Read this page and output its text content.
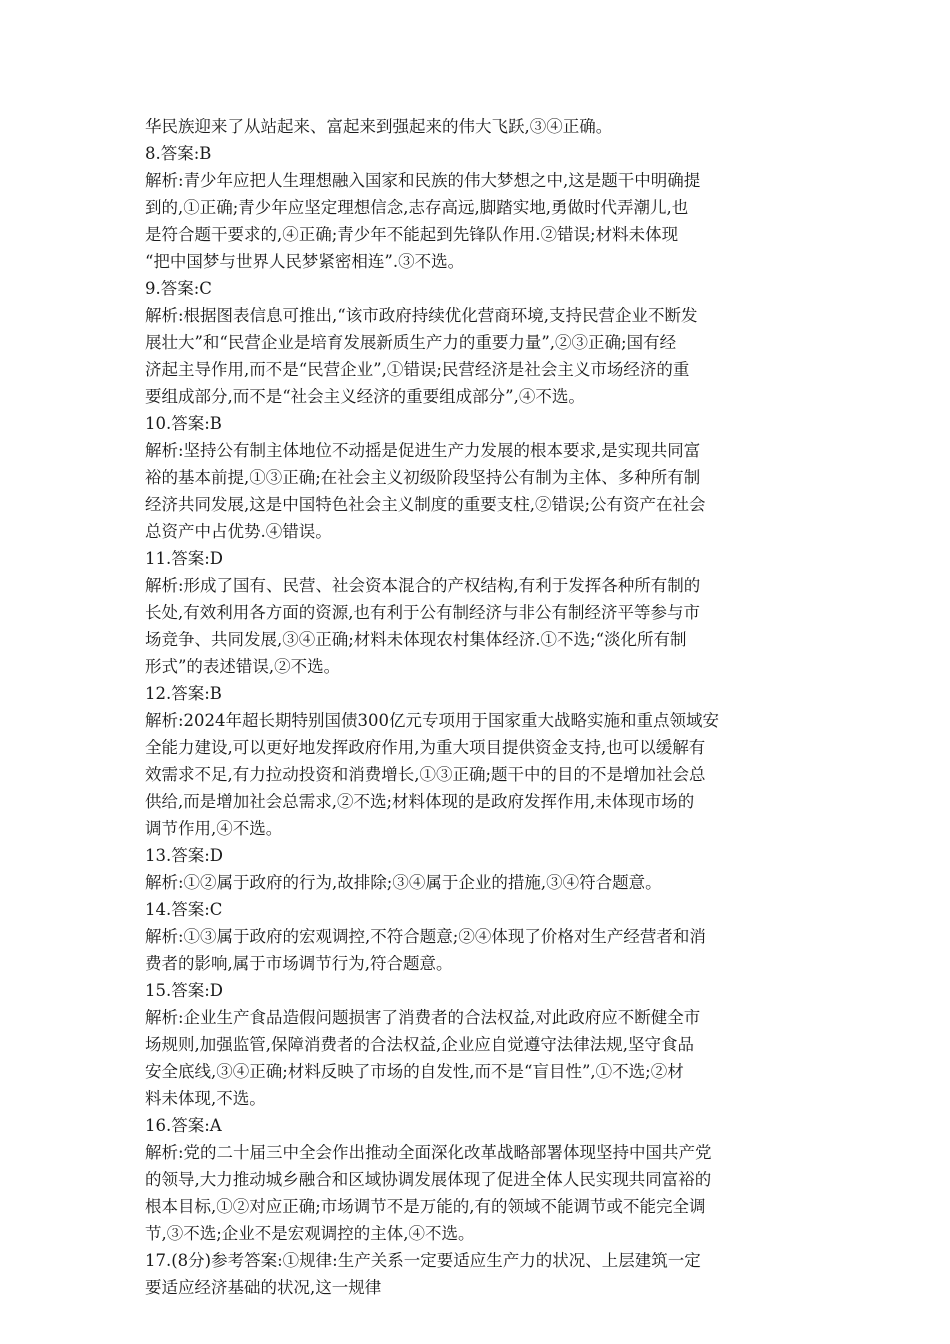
华民族迎来了从站起来、富起来到强起来的伟大飞跃,③④正确。
8.答案:B
解析:青少年应把人生理想融入国家和民族的伟大梦想之中,这是题干中明确提
到的,①正确;青少年应坚定理想信念,志存高远,脚踏实地,勇做时代弄潮儿,也
是符合题干要求的,④正确;青少年不能起到先锋队作用.②错误;材料未体现
“把中国梦与世界人民梦紧密相连”.③不选。
9.答案:C
解析:根据图表信息可推出,“该市政府持续优化营商环境,支持民营企业不断发
展壮大”和“民营企业是培育发展新质生产力的重要力量”,②③正确;国有经
济起主导作用,而不是“民营企业”,①错误;民营经济是社会主义市场经济的重
要组成部分,而不是“社会主义经济的重要组成部分”,④不选。
10.答案:B
解析:坚持公有制主体地位不动摇是促进生产力发展的根本要求,是实现共同富
裕的基本前提,①③正确;在社会主义初级阶段坚持公有制为主体、多种所有制
经济共同发展,这是中国特色社会主义制度的重要支柱,②错误;公有资产在社会
总资产中占优势.④错误。
11.答案:D
解析:形成了国有、民营、社会资本混合的产权结构,有利于发挥各种所有制的
长处,有效利用各方面的资源,也有利于公有制经济与非公有制经济平等参与市
场竞争、共同发展,③④正确;材料未体现农村集体经济.①不选;“淡化所有制
形式”的表述错误,②不选。
12.答案:B
解析:2024年超长期特别国债300亿元专项用于国家重大战略实施和重点领域安
全能力建设,可以更好地发挥政府作用,为重大项目提供资金支持,也可以缓解有
效需求不足,有力拉动投资和消费增长,①③正确;题干中的目的不是增加社会总
供给,而是增加社会总需求,②不选;材料体现的是政府发挥作用,未体现市场的
调节作用,④不选。
13.答案:D
解析:①②属于政府的行为,故排除;③④属于企业的措施,③④符合题意。
14.答案:C
解析:①③属于政府的宏观调控,不符合题意;②④体现了价格对生产经营者和消
费者的影响,属于市场调节行为,符合题意。
15.答案:D
解析:企业生产食品造假问题损害了消费者的合法权益,对此政府应不断健全市
场规则,加强监管,保障消费者的合法权益,企业应自觉遵守法律法规,坚守食品
安全底线,③④正确;材料反映了市场的自发性,而不是“盲目性”,①不选;②材
料未体现,不选。
16.答案:A
解析:党的二十届三中全会作出推动全面深化改革战略部署体现坚持中国共产党
的领导,大力推动城乡融合和区域协调发展体现了促进全体人民实现共同富裕的
根本目标,①②对应正确;市场调节不是万能的,有的领域不能调节或不能完全调
节,③不选;企业不是宏观调控的主体,④不选。
17.(8分)参考答案:①规律:生产关系一定要适应生产力的状况、上层建筑一定
要适应经济基础的状况,这一规律
